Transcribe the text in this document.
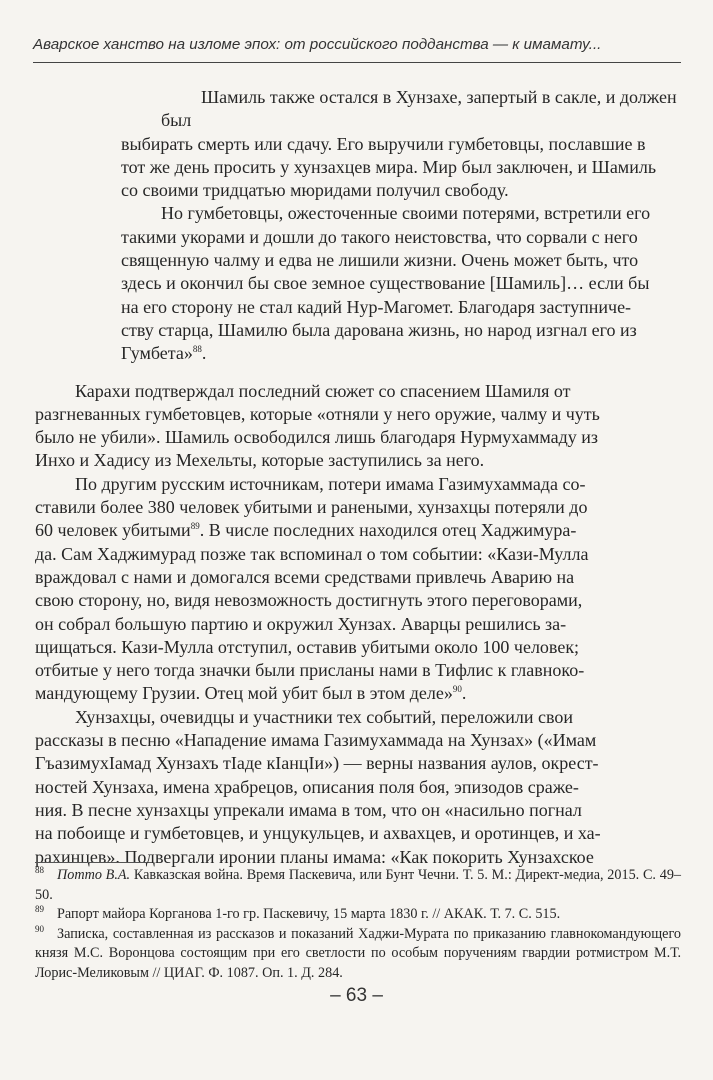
Аварское ханство на изломе эпох: от российского подданства — к имамату...

Шамиль также остался в Хунзахе, запертый в сакле, и должен был
выбирать смерть или сдачу. Его выручили гумбетовцы, пославшие в
тот же день просить у хунзахцев мира. Мир был заключен, и Шамиль
со своими тридцатью мюридами получил свободу.

Но гумбетовцы, ожесточенные своими потерями, встретили его
такими укорами и дошли до такого неистовства, что сорвали с него
священную чалму и едва не лишили жизни. Очень может быть, что
здесь и окончил бы свое земное существование [Шамиль]… если бы
на его сторону не стал кадий Нур-Магомет. Благодаря заступниче-
ству старца, Шамилю была дарована жизнь, но народ изгнал его из
Гумбета»$^{88}$.

Карахи подтверждал последний сюжет со спасением Шамиля от
разгневанных гумбетовцев, которые «отняли у него оружие, чалму и чуть
было не убили». Шамиль освободился лишь благодаря Нурмухаммаду из
Инхо и Хадису из Мехельты, которые заступились за него.

По другим русским источникам, потери имама Газимухаммада со-
ставили более 380 человек убитыми и ранеными, хунзахцы потеряли до
60 человек убитыми$^{89}$. В числе последних находился отец Хаджимура-
да. Сам Хаджимурад позже так вспоминал о том событии: «Кази-Мулла
враждовал с нами и домогался всеми средствами привлечь Аварию на
свою сторону, но, видя невозможность достигнуть этого переговорами,
он собрал большую партию и окружил Хунзах. Аварцы решились за-
щищаться. Кази-Мулла отступил, оставив убитыми около 100 человек;
отбитые у него тогда значки были присланы нами в Тифлис к главноко-
мандующему Грузии. Отец мой убит был в этом деле»$^{90}$.

Хунзахцы, очевидцы и участники тех событий, переложили свои
рассказы в песню «Нападение имама Газимухаммада на Хунзах» («Имам
ГъазимухIамад Хунзахъ тIаде кIанцIи») — верны названия аулов, окрест-
ностей Хунзаха, имена храбрецов, описания поля боя, эпизодов сраже-
ния. В песне хунзахцы упрекали имама в том, что он «насильно погнал
на побоище и гумбетовцев, и унцукульцев, и ахвахцев, и оротинцев, и ха-
рахинцев». Подвергали иронии планы имама: «Как покорить Хунзахское

88 Потто В.А. Кавказская война. Время Паскевича, или Бунт Чечни. Т. 5. М.: Директ-медиа, 2015. С. 49–50.

89 Рапорт майора Корганова 1-го гр. Паскевичу, 15 марта 1830 г. // АКАК. Т. 7. С. 515.

90 Записка, составленная из рассказов и показаний Хаджи-Мурата по приказанию главнокомандующего князя М.С. Воронцова состоящим при его светлости по особым поручениям гвардии ротмистром М.Т. Лорис-Меликовым // ЦИАГ. Ф. 1087. Оп. 1. Д. 284.

– 63 –
